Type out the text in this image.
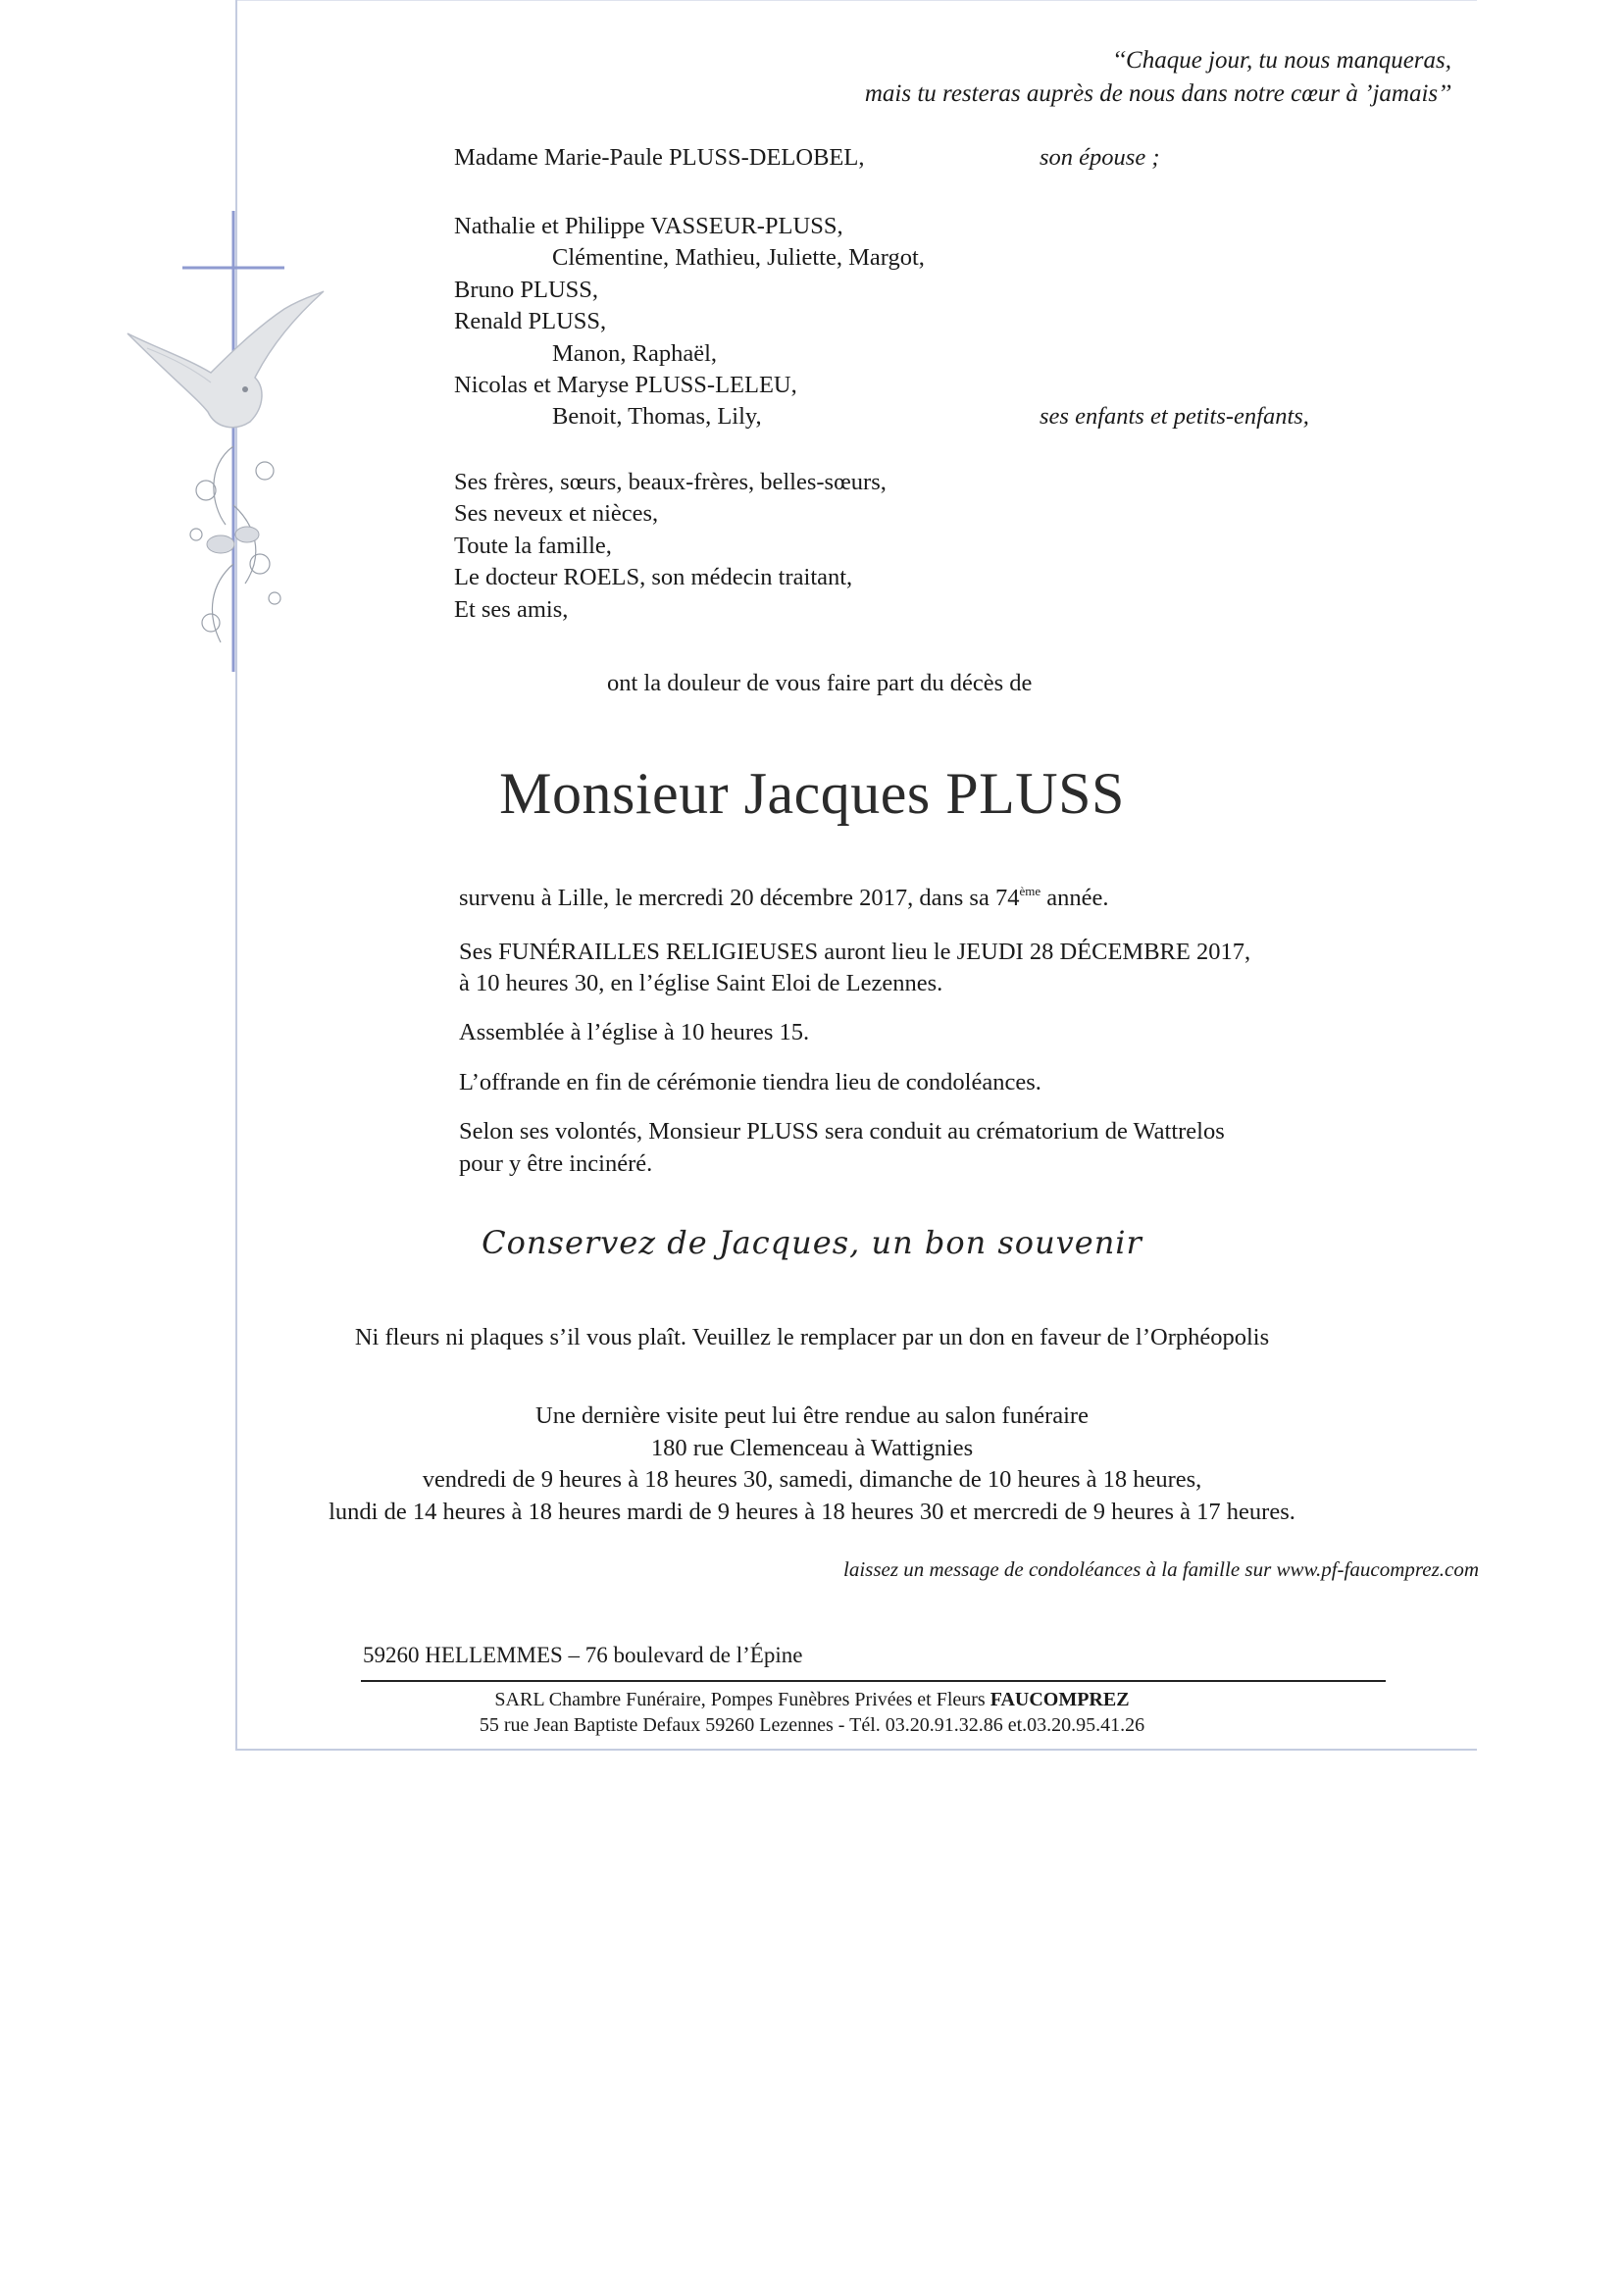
‘‘Chaque jour, tu nous manqueras,
mais tu resteras auprès de nous dans notre cœur à ’jamais’’
Madame Marie-Paule PLUSS-DELOBEL,	son épouse ;
Nathalie et Philippe VASSEUR-PLUSS,
Clémentine, Mathieu, Juliette, Margot,
Bruno PLUSS,
Renald PLUSS,
Manon, Raphaël,
Nicolas et Maryse PLUSS-LELEU,
Benoit, Thomas, Lily,	ses enfants et petits-enfants,
Ses frères, sœurs, beaux-frères, belles-sœurs,
Ses neveux et nièces,
Toute la famille,
Le docteur ROELS, son médecin traitant,
Et ses amis,
ont la douleur de vous faire part du décès de
Monsieur Jacques PLUSS
survenu à Lille, le mercredi 20 décembre 2017, dans sa 74ème année.
Ses FUNÉRAILLES RELIGIEUSES auront lieu le JEUDI 28 DÉCEMBRE 2017,
à 10 heures 30, en l’église Saint Eloi de Lezennes.
Assemblée à l’église à 10 heures 15.
L’offrande en fin de cérémonie tiendra lieu de condoléances.
Selon ses volontés, Monsieur PLUSS sera conduit au crématorium de Wattrelos
pour y être incinéré.
Conservez de Jacques, un bon souvenir
Ni fleurs ni plaques s’il vous plaît. Veuillez le remplacer par un don en faveur de l’Orphéopolis
Une dernière visite peut lui être rendue au salon funéraire
180 rue Clemenceau à Wattignies
vendredi de 9 heures à 18 heures 30, samedi, dimanche de 10 heures à 18 heures,
lundi de 14 heures à 18 heures mardi de 9 heures à 18 heures 30 et mercredi de 9 heures à 17 heures.
laissez un message de condoléances à la famille sur www.pf-faucomprez.com
59260 HELLEMMES – 76 boulevard de l’Épine
SARL Chambre Funéraire, Pompes Funèbres Privées et Fleurs FAUCOMPREZ
55 rue Jean Baptiste Defaux 59260 Lezennes - Tél. 03.20.91.32.86 et.03.20.95.41.26
